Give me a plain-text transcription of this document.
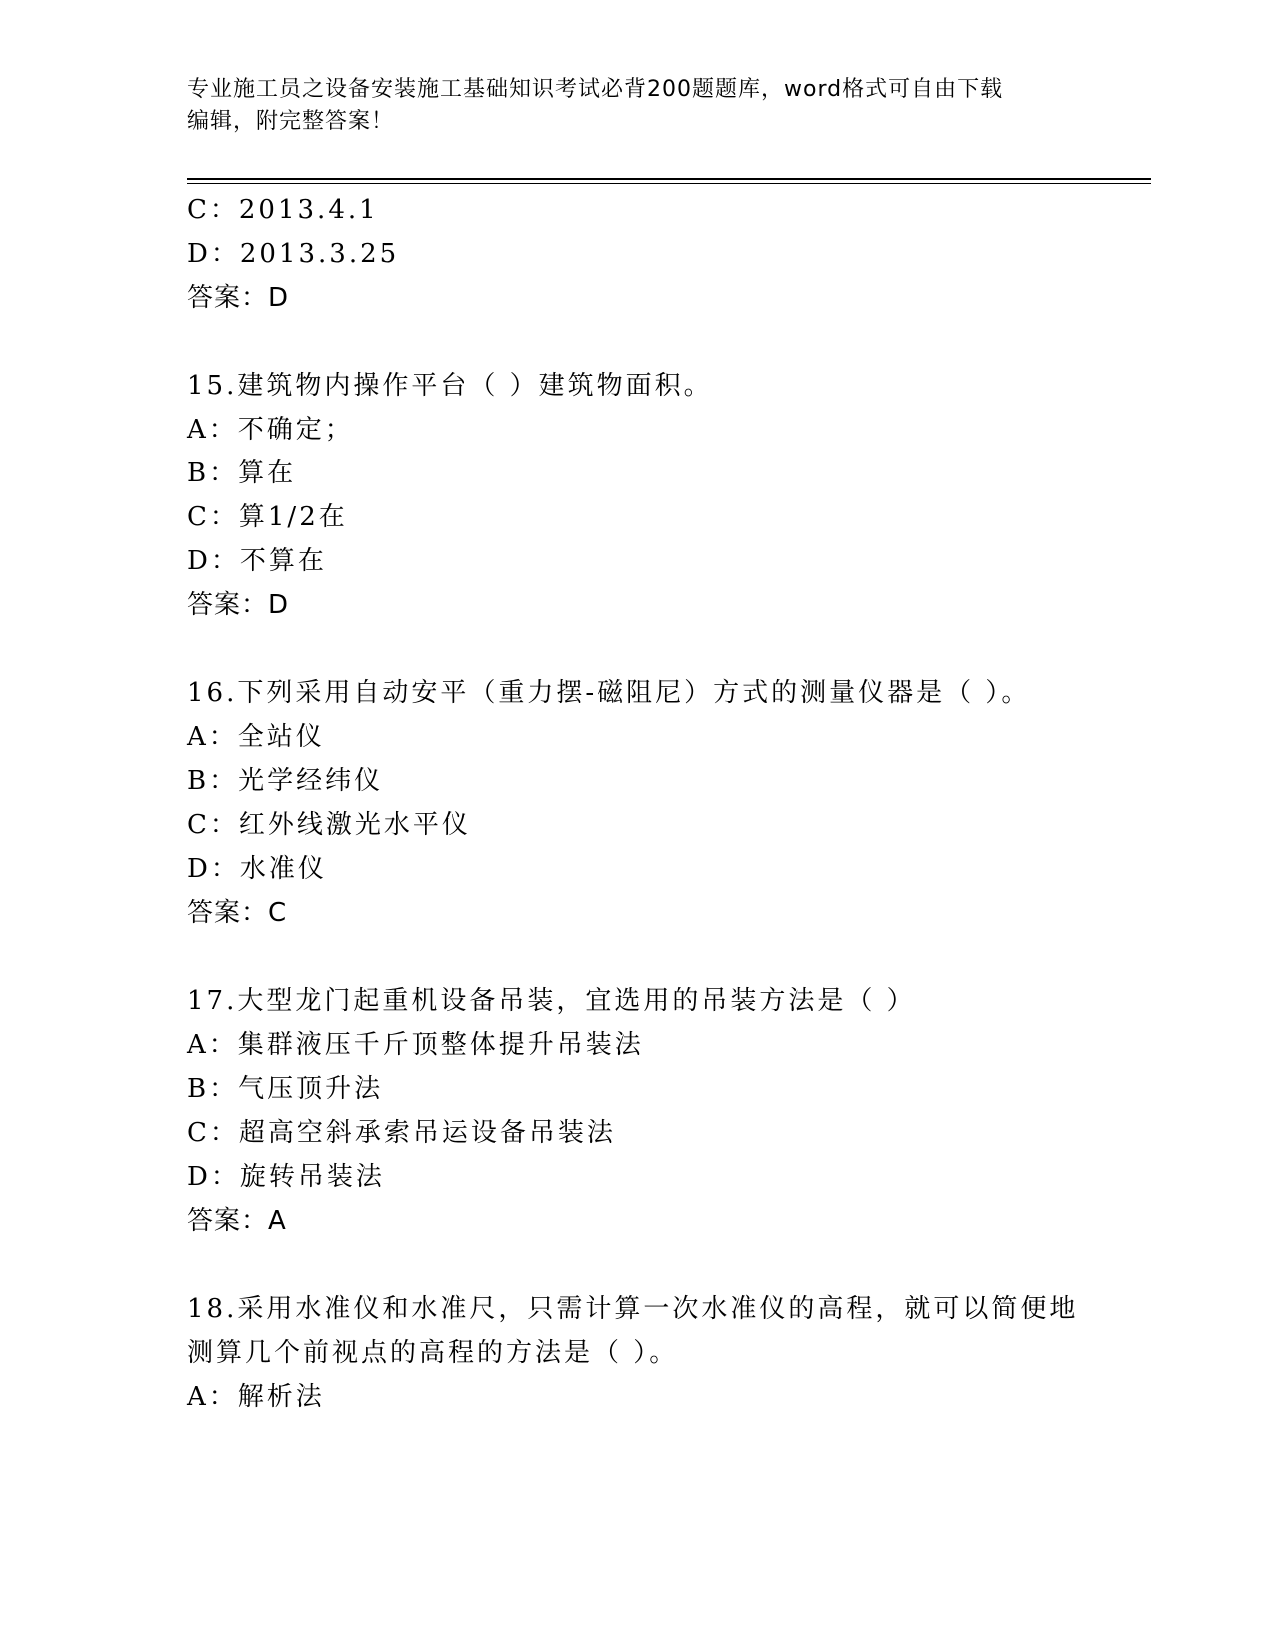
专业施工员之设备安装施工基础知识考试必背200题题库，word格式可自由下载
编辑，附完整答案！
C：2013.4.1
D：2013.3.25
答案：D
15.建筑物内操作平台（ ）建筑物面积。
A：不确定；
B：算在
C：算1/2在
D：不算在
答案：D
16.下列采用自动安平（重力摆-磁阻尼）方式的测量仪器是（ ）。
A：全站仪
B：光学经纬仪
C：红外线激光水平仪
D：水准仪
答案：C
17.大型龙门起重机设备吊装，宜选用的吊装方法是（ ）
A：集群液压千斤顶整体提升吊装法
B：气压顶升法
C：超高空斜承索吊运设备吊装法
D：旋转吊装法
答案：A
18.采用水准仪和水准尺，只需计算一次水准仪的高程，就可以简便地
测算几个前视点的高程的方法是（ ）。
A：解析法
